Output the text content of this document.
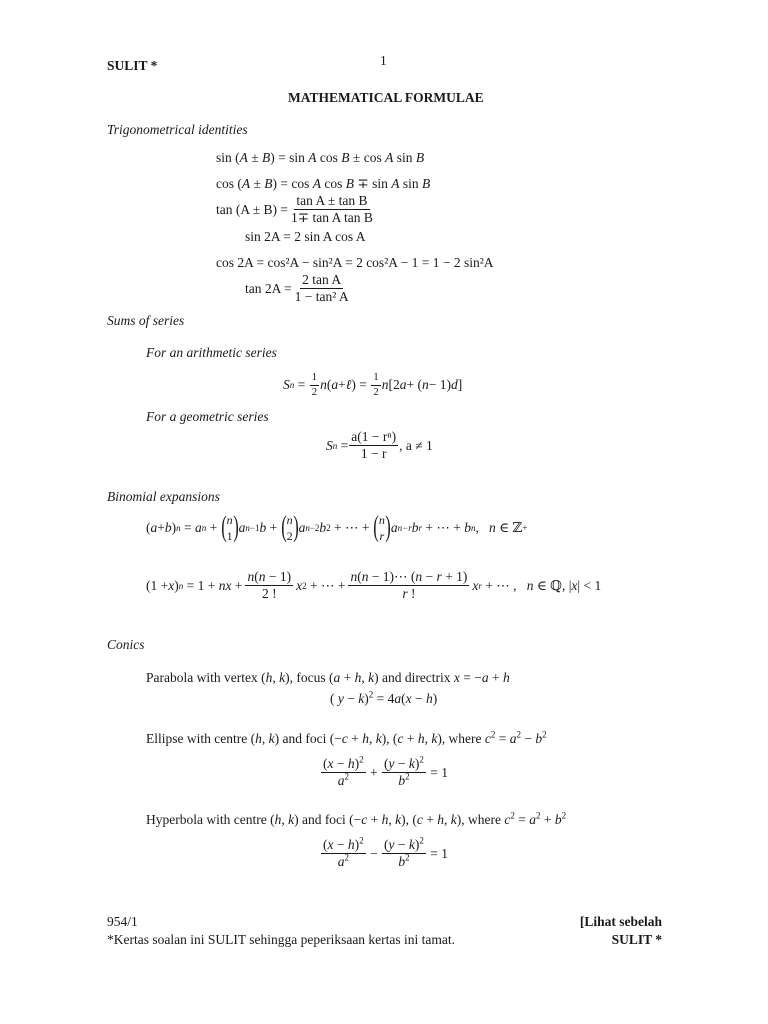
SULIT *	1
MATHEMATICAL FORMULAE
Trigonometrical identities
sin (A ± B) = sin A cos B ± cos A sin B
cos (A ± B) = cos A cos B ∓ sin A sin B
$\tan (A \pm B) = \frac{\text{tan A ± tan B}}{\text{1∓ tan A tan B}}$
sin 2A = 2 sin A cos A
cos 2A = cos²A − sin²A = 2 cos²A − 1 = 1 − 2 sin²A
$\tan 2A = \frac{\text{2 tan A}}{\text{1 − tan² A}}$
Sums of series
For an arithmetic series
S $n = \frac{1}{2}$ n ( a + ℓ ) = $\frac{1}{2}$ n [2 a + ( n − 1) d ]
For a geometric series
S $n = \frac{\text{a(1 − rⁿ)}}{1 - r}$ , a ≠ 1
Binomial expansions
( a + b ) n = a n + ( n
1 ) a n−1 b + ( n
2 ) a n−2 b 2 + ⋯ + ( n
r ) a n−r b r + ⋯ + b n , n ∈ ℤ +
(1 + x ) n = 1 + nx + $\frac{n(n - 1)}{2 !}$ x 2 + ⋯ + $\frac{n(n - 1)\cdots (n - r + 1)}{r !}$ x r + ⋯ , n ∈ ℚ, | x | < 1
Conics
Parabola with vertex (h, k), focus (a + h, k) and directrix x = −a + h
( y − k)$^2$ = 4a(x − h)
Ellipse with centre (h, k) and foci (−c + h, k), (c + h, k), where $c^2 = a^2 - b^2$
$\frac{(x - h)^2}{a^2} + \frac{(y - k)^2}{b^2} = 1$
Hyperbola with centre (h, k) and foci (−c + h, k), (c + h, k), where $c^2 = a^2 + b^2$
$\frac{(x - h)^2}{a^2} - \frac{(y - k)^2}{b^2} = 1$
954/1
*Kertas soalan ini SULIT sehingga peperiksaan kertas ini tamat.
[Lihat sebelah
SULIT *
